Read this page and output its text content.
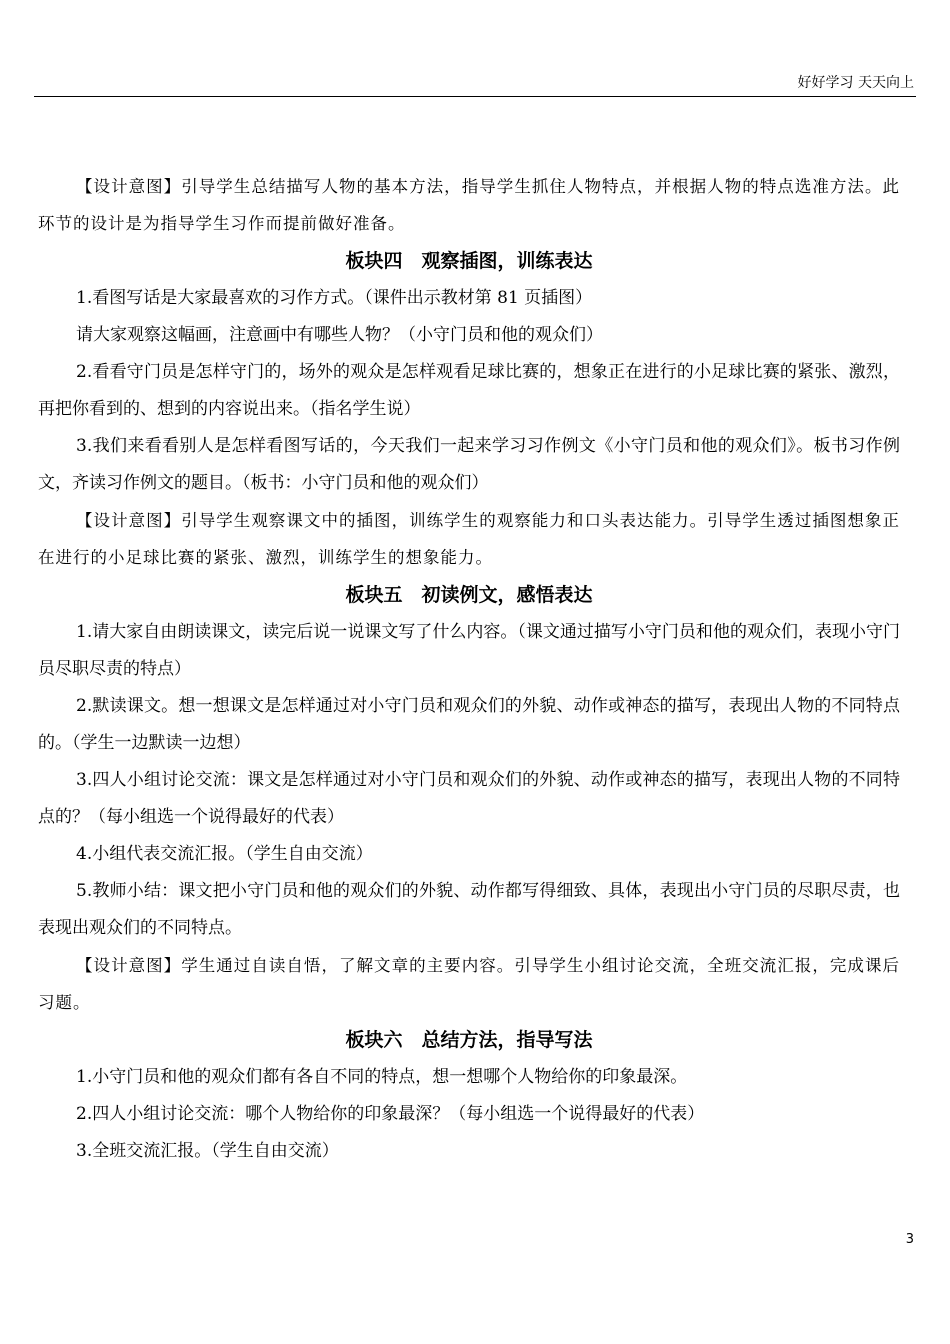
好好学习 天天向上

【设计意图】引导学生总结描写人物的基本方法，指导学生抓住人物特点，并根据人物的特点选准方法。此环节的设计是为指导学生习作而提前做好准备。

板块四　观察插图，训练表达

1.看图写话是大家最喜欢的习作方式。（课件出示教材第 81 页插图）

请大家观察这幅画，注意画中有哪些人物？（小守门员和他的观众们）

2.看看守门员是怎样守门的，场外的观众是怎样观看足球比赛的，想象正在进行的小足球比赛的紧张、激烈，再把你看到的、想到的内容说出来。（指名学生说）

3.我们来看看别人是怎样看图写话的，今天我们一起来学习习作例文《小守门员和他的观众们》。板书习作例文，齐读习作例文的题目。（板书：小守门员和他的观众们）

【设计意图】引导学生观察课文中的插图，训练学生的观察能力和口头表达能力。引导学生透过插图想象正在进行的小足球比赛的紧张、激烈，训练学生的想象能力。

板块五　初读例文，感悟表达

1.请大家自由朗读课文，读完后说一说课文写了什么内容。（课文通过描写小守门员和他的观众们，表现小守门员尽职尽责的特点）

2.默读课文。想一想课文是怎样通过对小守门员和观众们的外貌、动作或神态的描写，表现出人物的不同特点的。（学生一边默读一边想）

3.四人小组讨论交流：课文是怎样通过对小守门员和观众们的外貌、动作或神态的描写，表现出人物的不同特点的？（每小组选一个说得最好的代表）

4.小组代表交流汇报。（学生自由交流）

5.教师小结：课文把小守门员和他的观众们的外貌、动作都写得细致、具体，表现出小守门员的尽职尽责，也表现出观众们的不同特点。

【设计意图】学生通过自读自悟，了解文章的主要内容。引导学生小组讨论交流，全班交流汇报，完成课后习题。

板块六　总结方法，指导写法

1.小守门员和他的观众们都有各自不同的特点，想一想哪个人物给你的印象最深。

2.四人小组讨论交流：哪个人物给你的印象最深？（每小组选一个说得最好的代表）

3.全班交流汇报。（学生自由交流）

3
